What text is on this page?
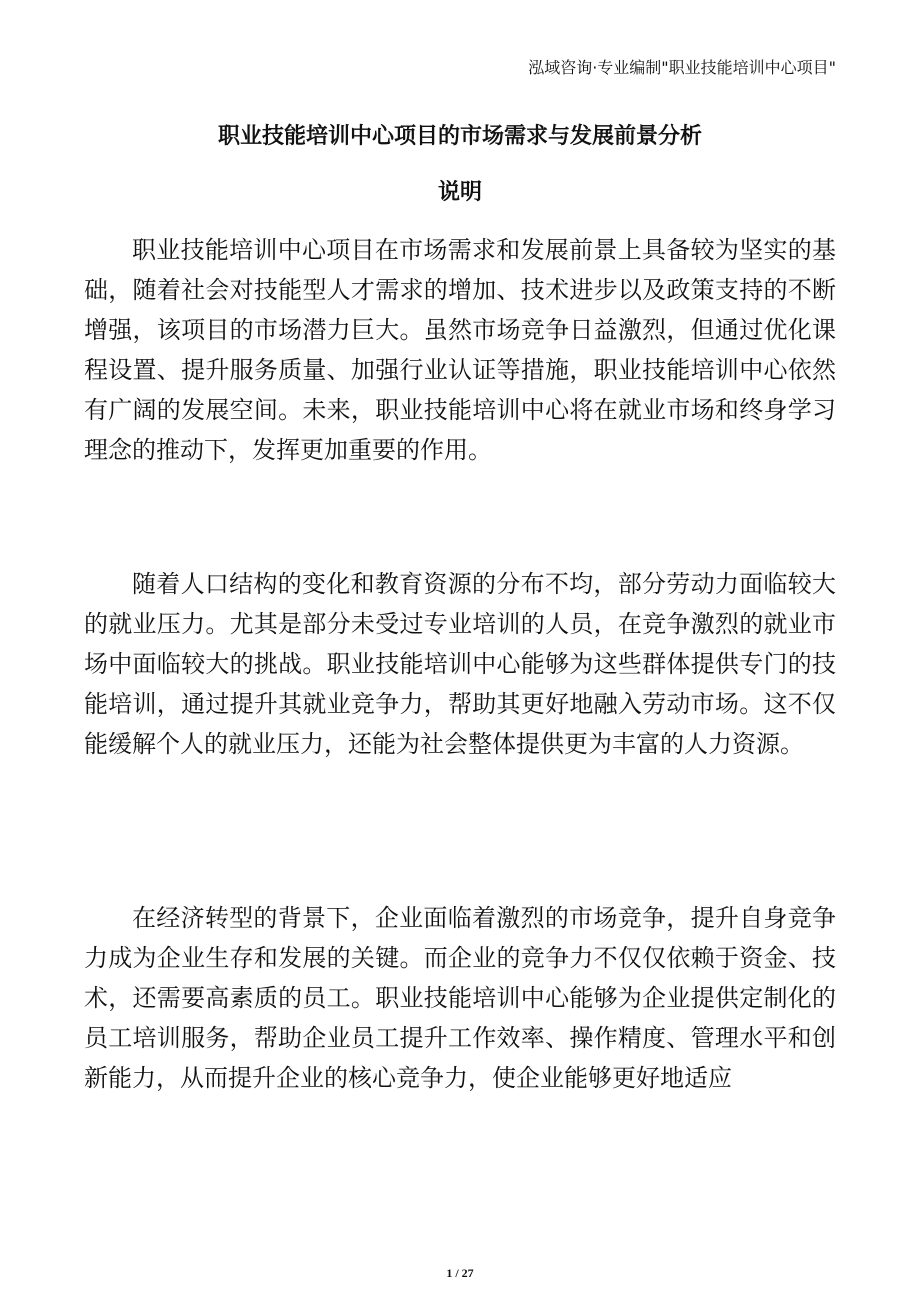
泓域咨询·专业编制"职业技能培训中心项目"
职业技能培训中心项目的市场需求与发展前景分析
说明

职业技能培训中心项目在市场需求和发展前景上具备较为坚实的基础，随着社会对技能型人才需求的增加、技术进步以及政策支持的不断增强，该项目的市场潜力巨大。虽然市场竞争日益激烈，但通过优化课程设置、提升服务质量、加强行业认证等措施，职业技能培训中心依然有广阔的发展空间。未来，职业技能培训中心将在就业市场和终身学习理念的推动下，发挥更加重要的作用。

随着人口结构的变化和教育资源的分布不均，部分劳动力面临较大的就业压力。尤其是部分未受过专业培训的人员，在竞争激烈的就业市场中面临较大的挑战。职业技能培训中心能够为这些群体提供专门的技能培训，通过提升其就业竞争力，帮助其更好地融入劳动市场。这不仅能缓解个人的就业压力，还能为社会整体提供更为丰富的人力资源。

在经济转型的背景下，企业面临着激烈的市场竞争，提升自身竞争力成为企业生存和发展的关键。而企业的竞争力不仅仅依赖于资金、技术，还需要高素质的员工。职业技能培训中心能够为企业提供定制化的员工培训服务，帮助企业员工提升工作效率、操作精度、管理水平和创新能力，从而提升企业的核心竞争力，使企业能够更好地适应

1 / 27
